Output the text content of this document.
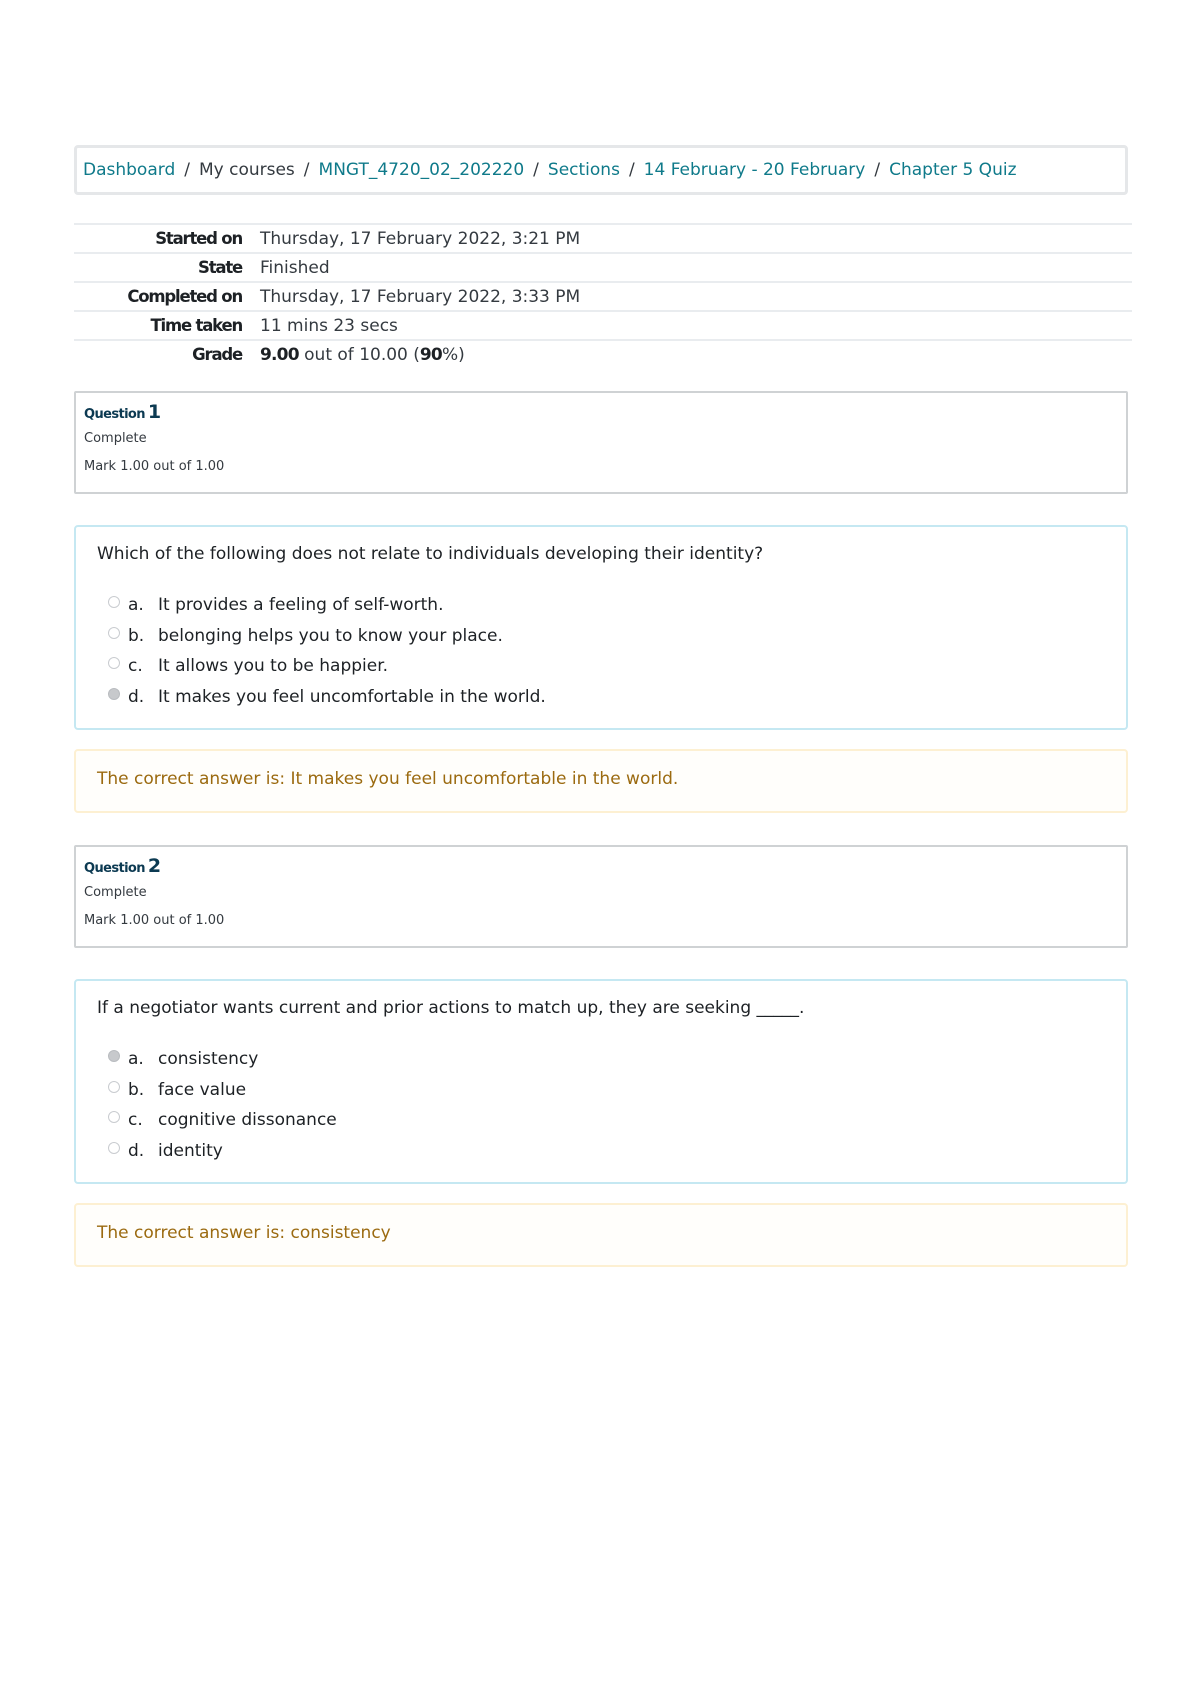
Dashboard / My courses / MNGT_4720_02_202220 / Sections / 14 February - 20 February / Chapter 5 Quiz
Started on	Thursday, 17 February 2022, 3:21 PM
State	Finished
Completed on	Thursday, 17 February 2022, 3:33 PM
Time taken	11 mins 23 secs
Grade	9.00 out of 10.00 (90%)
Question 1
Complete
Mark 1.00 out of 1.00
Which of the following does not relate to individuals developing their identity?
a. It provides a feeling of self-worth.
b. belonging helps you to know your place.
c. It allows you to be happier.
d. It makes you feel uncomfortable in the world.
The correct answer is: It makes you feel uncomfortable in the world.
Question 2
Complete
Mark 1.00 out of 1.00
If a negotiator wants current and prior actions to match up, they are seeking _____.
a. consistency
b. face value
c. cognitive dissonance
d. identity
The correct answer is: consistency
